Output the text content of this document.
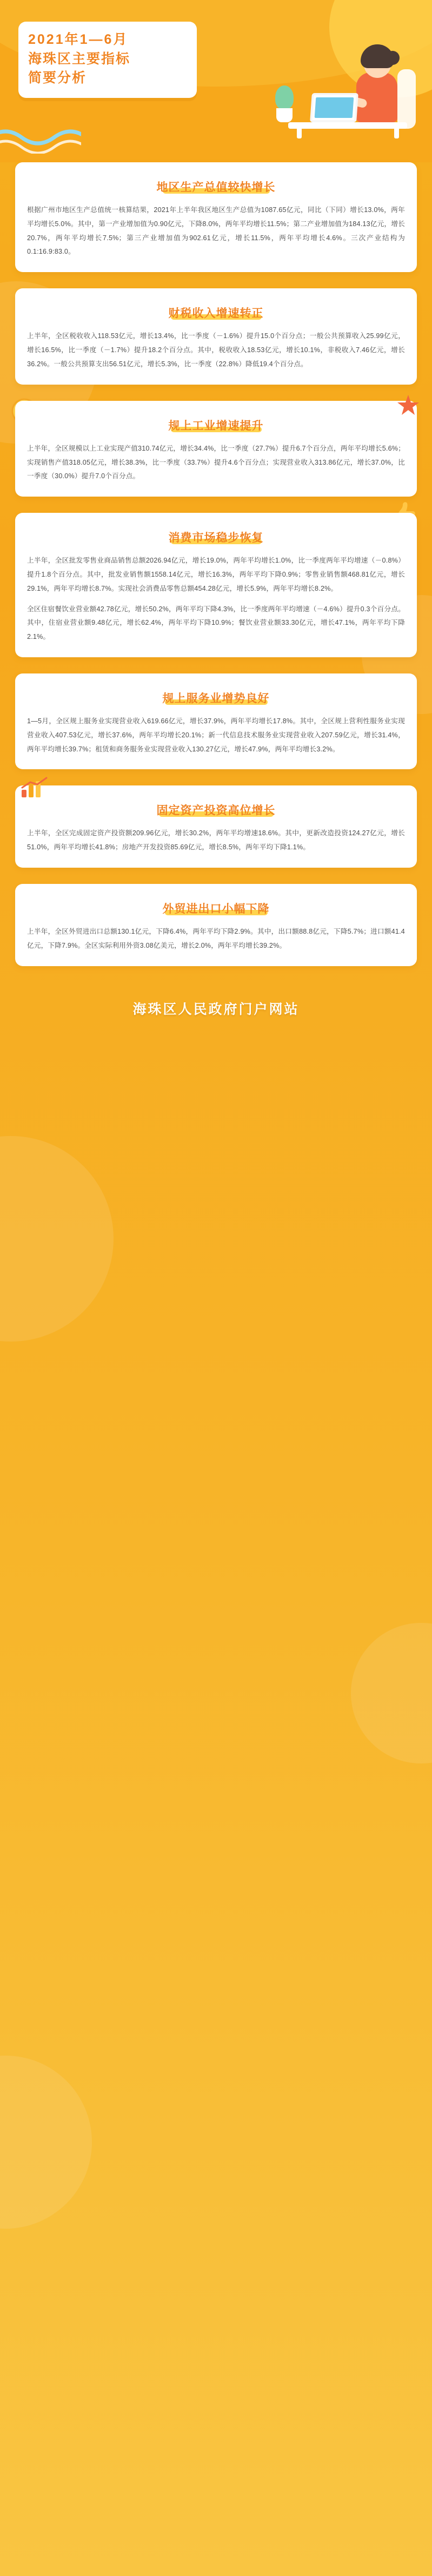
2021年1—6月
海珠区主要指标
简要分析
地区生产总值较快增长

根据广州市地区生产总值统一核算结果，2021年上半年我区地区生产总值为1087.65亿元，同比（下同）增长13.0%，两年平均增长5.0%。其中，第一产业增加值为0.90亿元，下降8.0%，两年平均增长11.5%；第二产业增加值为184.13亿元，增长20.7%，两年平均增长7.5%；第三产业增加值为902.61亿元，增长11.5%，两年平均增长4.6%。三次产业结构为0.1:16.9:83.0。

财税收入增速转正

上半年，全区税收收入118.53亿元，增长13.4%，比一季度（－1.6%）提升15.0个百分点；一般公共预算收入25.99亿元，增长16.5%，比一季度（－1.7%）提升18.2个百分点。其中，税收收入18.53亿元，增长10.1%，非税收入7.46亿元，增长36.2%。一般公共预算支出56.51亿元，增长5.3%，比一季度（22.8%）降低19.4个百分点。

规上工业增速提升

上半年，全区规模以上工业实现产值310.74亿元，增长34.4%，比一季度（27.7%）提升6.7个百分点，两年平均增长5.6%；实现销售产值318.05亿元，增长38.3%，比一季度（33.7%）提升4.6个百分点；实现营业收入313.86亿元，增长37.0%，比一季度（30.0%）提升7.0个百分点。

消费市场稳步恢复

上半年，全区批发零售业商品销售总额2026.94亿元，增长19.0%，两年平均增长1.0%，比一季度两年平均增速（－0.8%）提升1.8个百分点。其中，批发业销售额1558.14亿元，增长16.3%，两年平均下降0.9%；零售业销售额468.81亿元，增长29.1%，两年平均增长8.7%。实现社会消费品零售总额454.28亿元，增长5.9%，两年平均增长8.2%。

全区住宿餐饮业营业额42.78亿元，增长50.2%，两年平均下降4.3%，比一季度两年平均增速（－4.6%）提升0.3个百分点。其中，住宿业营业额9.48亿元，增长62.4%，两年平均下降10.9%；餐饮业营业额33.30亿元，增长47.1%，两年平均下降2.1%。

规上服务业增势良好

1—5月，全区规上服务业实现营业收入619.66亿元，增长37.9%，两年平均增长17.8%。其中，全区规上营利性服务业实现营业收入407.53亿元，增长37.6%，两年平均增长20.1%；新一代信息技术服务业实现营业收入207.59亿元，增长31.4%，两年平均增长39.7%；租赁和商务服务业实现营业收入130.27亿元，增长47.9%，两年平均增长3.2%。

固定资产投资高位增长

上半年，全区完成固定资产投资额209.96亿元，增长30.2%，两年平均增速18.6%。其中，更新改造投资124.27亿元，增长51.0%，两年平均增长41.8%；房地产开发投资85.69亿元，增长8.5%，两年平均下降1.1%。

外贸进出口小幅下降

上半年，全区外贸进出口总额130.1亿元，下降6.4%，两年平均下降2.9%。其中，出口额88.8亿元，下降5.7%；进口额41.4亿元，下降7.9%。全区实际利用外资3.08亿美元，增长2.0%，两年平均增长39.2%。

海珠区人民政府门户网站
